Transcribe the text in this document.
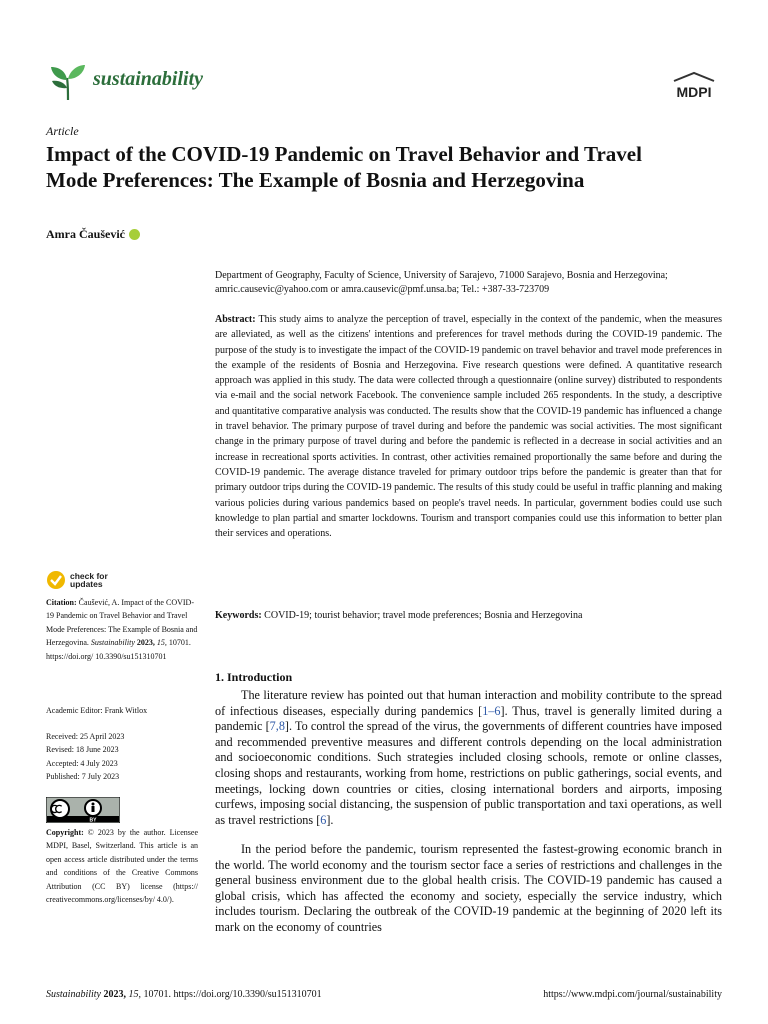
sustainability
MDPI
Article
Impact of the COVID-19 Pandemic on Travel Behavior and Travel Mode Preferences: The Example of Bosnia and Herzegovina
Amra Čaušević
Department of Geography, Faculty of Science, University of Sarajevo, 71000 Sarajevo, Bosnia and Herzegovina; amric.causevic@yahoo.com or amra.causevic@pmf.unsa.ba; Tel.: +387-33-723709
Abstract: This study aims to analyze the perception of travel, especially in the context of the pandemic, when the measures are alleviated, as well as the citizens' intentions and preferences for travel methods during the COVID-19 pandemic. The purpose of the study is to investigate the impact of the COVID-19 pandemic on travel behavior and travel mode preferences in the example of the residents of Bosnia and Herzegovina. Five research questions were defined. A quantitative research approach was applied in this study. The data were collected through a questionnaire (online survey) distributed to respondents via e-mail and the social network Facebook. The convenience sample included 265 respondents. In the study, a descriptive and quantitative comparative analysis was conducted. The results show that the COVID-19 pandemic has influenced a change in travel behavior. The primary purpose of travel during and before the pandemic was social activities. The most significant change in the primary purpose of travel during and before the pandemic is reflected in a decrease in social activities and an increase in recreational sports activities. In contrast, other activities remained proportionally the same before and during the COVID-19 pandemic. The average distance traveled for primary outdoor trips before the pandemic is greater than that for primary outdoor trips during the COVID-19 pandemic. The results of this study could be useful in traffic planning and making various policies during various pandemics based on people's travel needs. In particular, government bodies could use such knowledge to plan partial and smarter lockdowns. Tourism and transport companies could use this information to better plan their services and operations.
Keywords: COVID-19; tourist behavior; travel mode preferences; Bosnia and Herzegovina
check for
updates
Citation: Čaušević, A. Impact of the COVID-19 Pandemic on Travel Behavior and Travel Mode Preferences: The Example of Bosnia and Herzegovina. Sustainability 2023, 15, 10701. https://doi.org/ 10.3390/su151310701
Academic Editor: Frank Witlox
Received: 25 April 2023
Revised: 18 June 2023
Accepted: 4 July 2023
Published: 7 July 2023
BY
Copyright: © 2023 by the author. Licensee MDPI, Basel, Switzerland. This article is an open access article distributed under the terms and conditions of the Creative Commons Attribution (CC BY) license (https:// creativecommons.org/licenses/by/ 4.0/).
1. Introduction

The literature review has pointed out that human interaction and mobility contribute to the spread of infectious diseases, especially during pandemics [1–6]. Thus, travel is generally limited during a pandemic [7,8]. To control the spread of the virus, the governments of different countries have imposed and recommended preventive measures and different controls depending on the local administration and socioeconomic conditions. Such strategies included closing schools, remote or online classes, closing shops and restaurants, working from home, restrictions on public gatherings, social events, and meetings, locking down countries or cities, closing international borders and airports, imposing curfews, imposing social distancing, the suspension of public transportation and taxi operations, as well as travel restrictions [6].

In the period before the pandemic, tourism represented the fastest-growing economic branch in the world. The world economy and the tourism sector face a series of restrictions and challenges in the general business environment due to the global health crisis. The COVID-19 pandemic has caused a global crisis, which has affected the economy and society, especially the service industry, which includes tourism. Declaring the outbreak of the COVID-19 pandemic at the beginning of 2020 left its mark on the economy of countries

Sustainability 2023, 15, 10701. https://doi.org/10.3390/su151310701	https://www.mdpi.com/journal/sustainability
